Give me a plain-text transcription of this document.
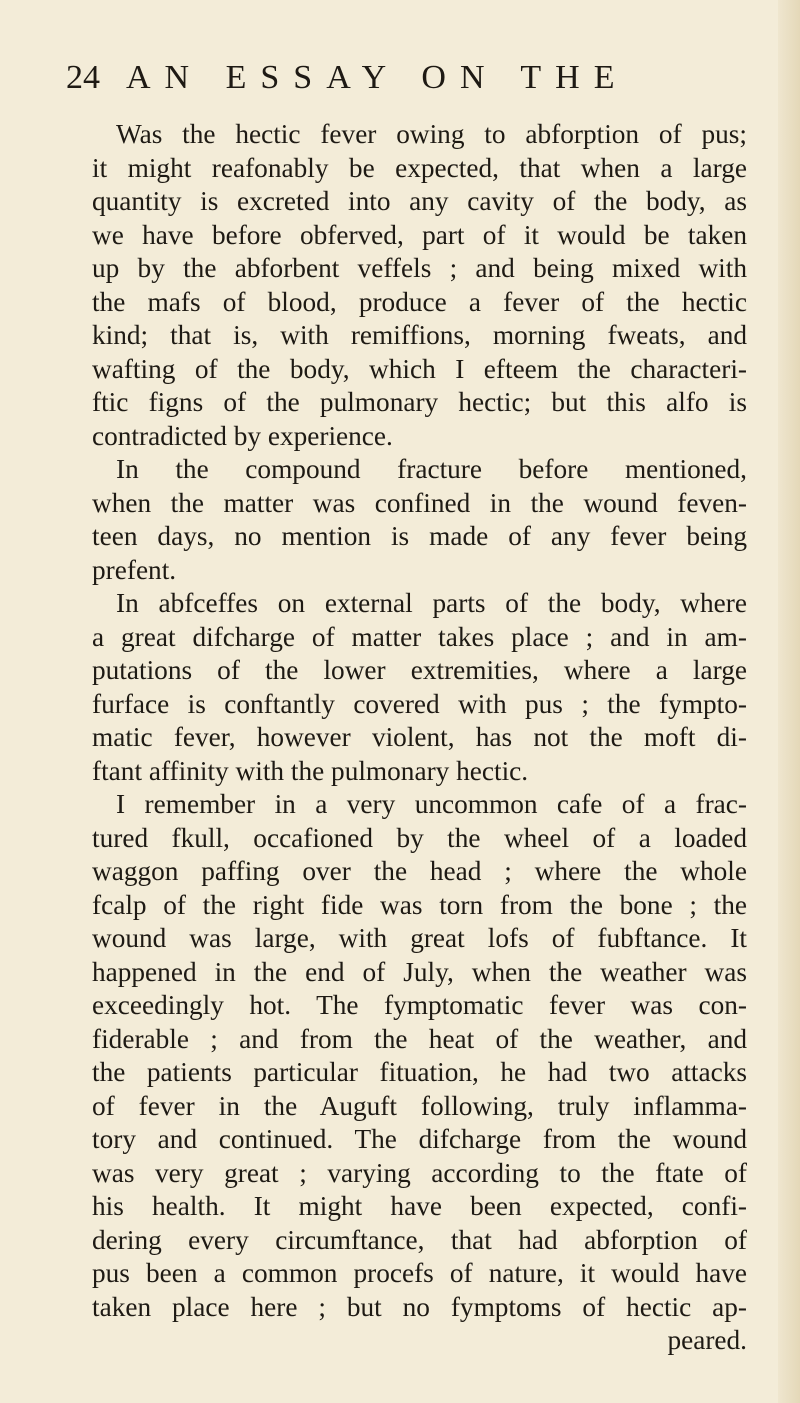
24 AN ESSAY ON THE

Was the hectic fever owing to abforption of pus;
it might reafonably be expected, that when a large
quantity is excreted into any cavity of the body, as
we have before obferved, part of it would be taken
up by the abforbent veffels ; and being mixed with
the mafs of blood, produce a fever of the hectic
kind; that is, with remiffions, morning fweats, and
wafting of the body, which I efteem the characteri-
ftic figns of the pulmonary hectic; but this alfo is
contradicted by experience.

In the compound fracture before mentioned,
when the matter was confined in the wound feven-
teen days, no mention is made of any fever being
prefent.

In abfceffes on external parts of the body, where
a great difcharge of matter takes place ; and in am-
putations of the lower extremities, where a large
furface is conftantly covered with pus ; the fympto-
matic fever, however violent, has not the moft di-
ftant affinity with the pulmonary hectic.

I remember in a very uncommon cafe of a frac-
tured fkull, occafioned by the wheel of a loaded
waggon paffing over the head ; where the whole
fcalp of the right fide was torn from the bone ; the
wound was large, with great lofs of fubftance. It
happened in the end of July, when the weather was
exceedingly hot. The fymptomatic fever was con-
fiderable ; and from the heat of the weather, and
the patients particular fituation, he had two attacks
of fever in the Auguft following, truly inflamma-
tory and continued. The difcharge from the wound
was very great ; varying according to the ftate of
his health. It might have been expected, confi-
dering every circumftance, that had abforption of
pus been a common procefs of nature, it would have
taken place here ; but no fymptoms of hectic ap-
peared.
